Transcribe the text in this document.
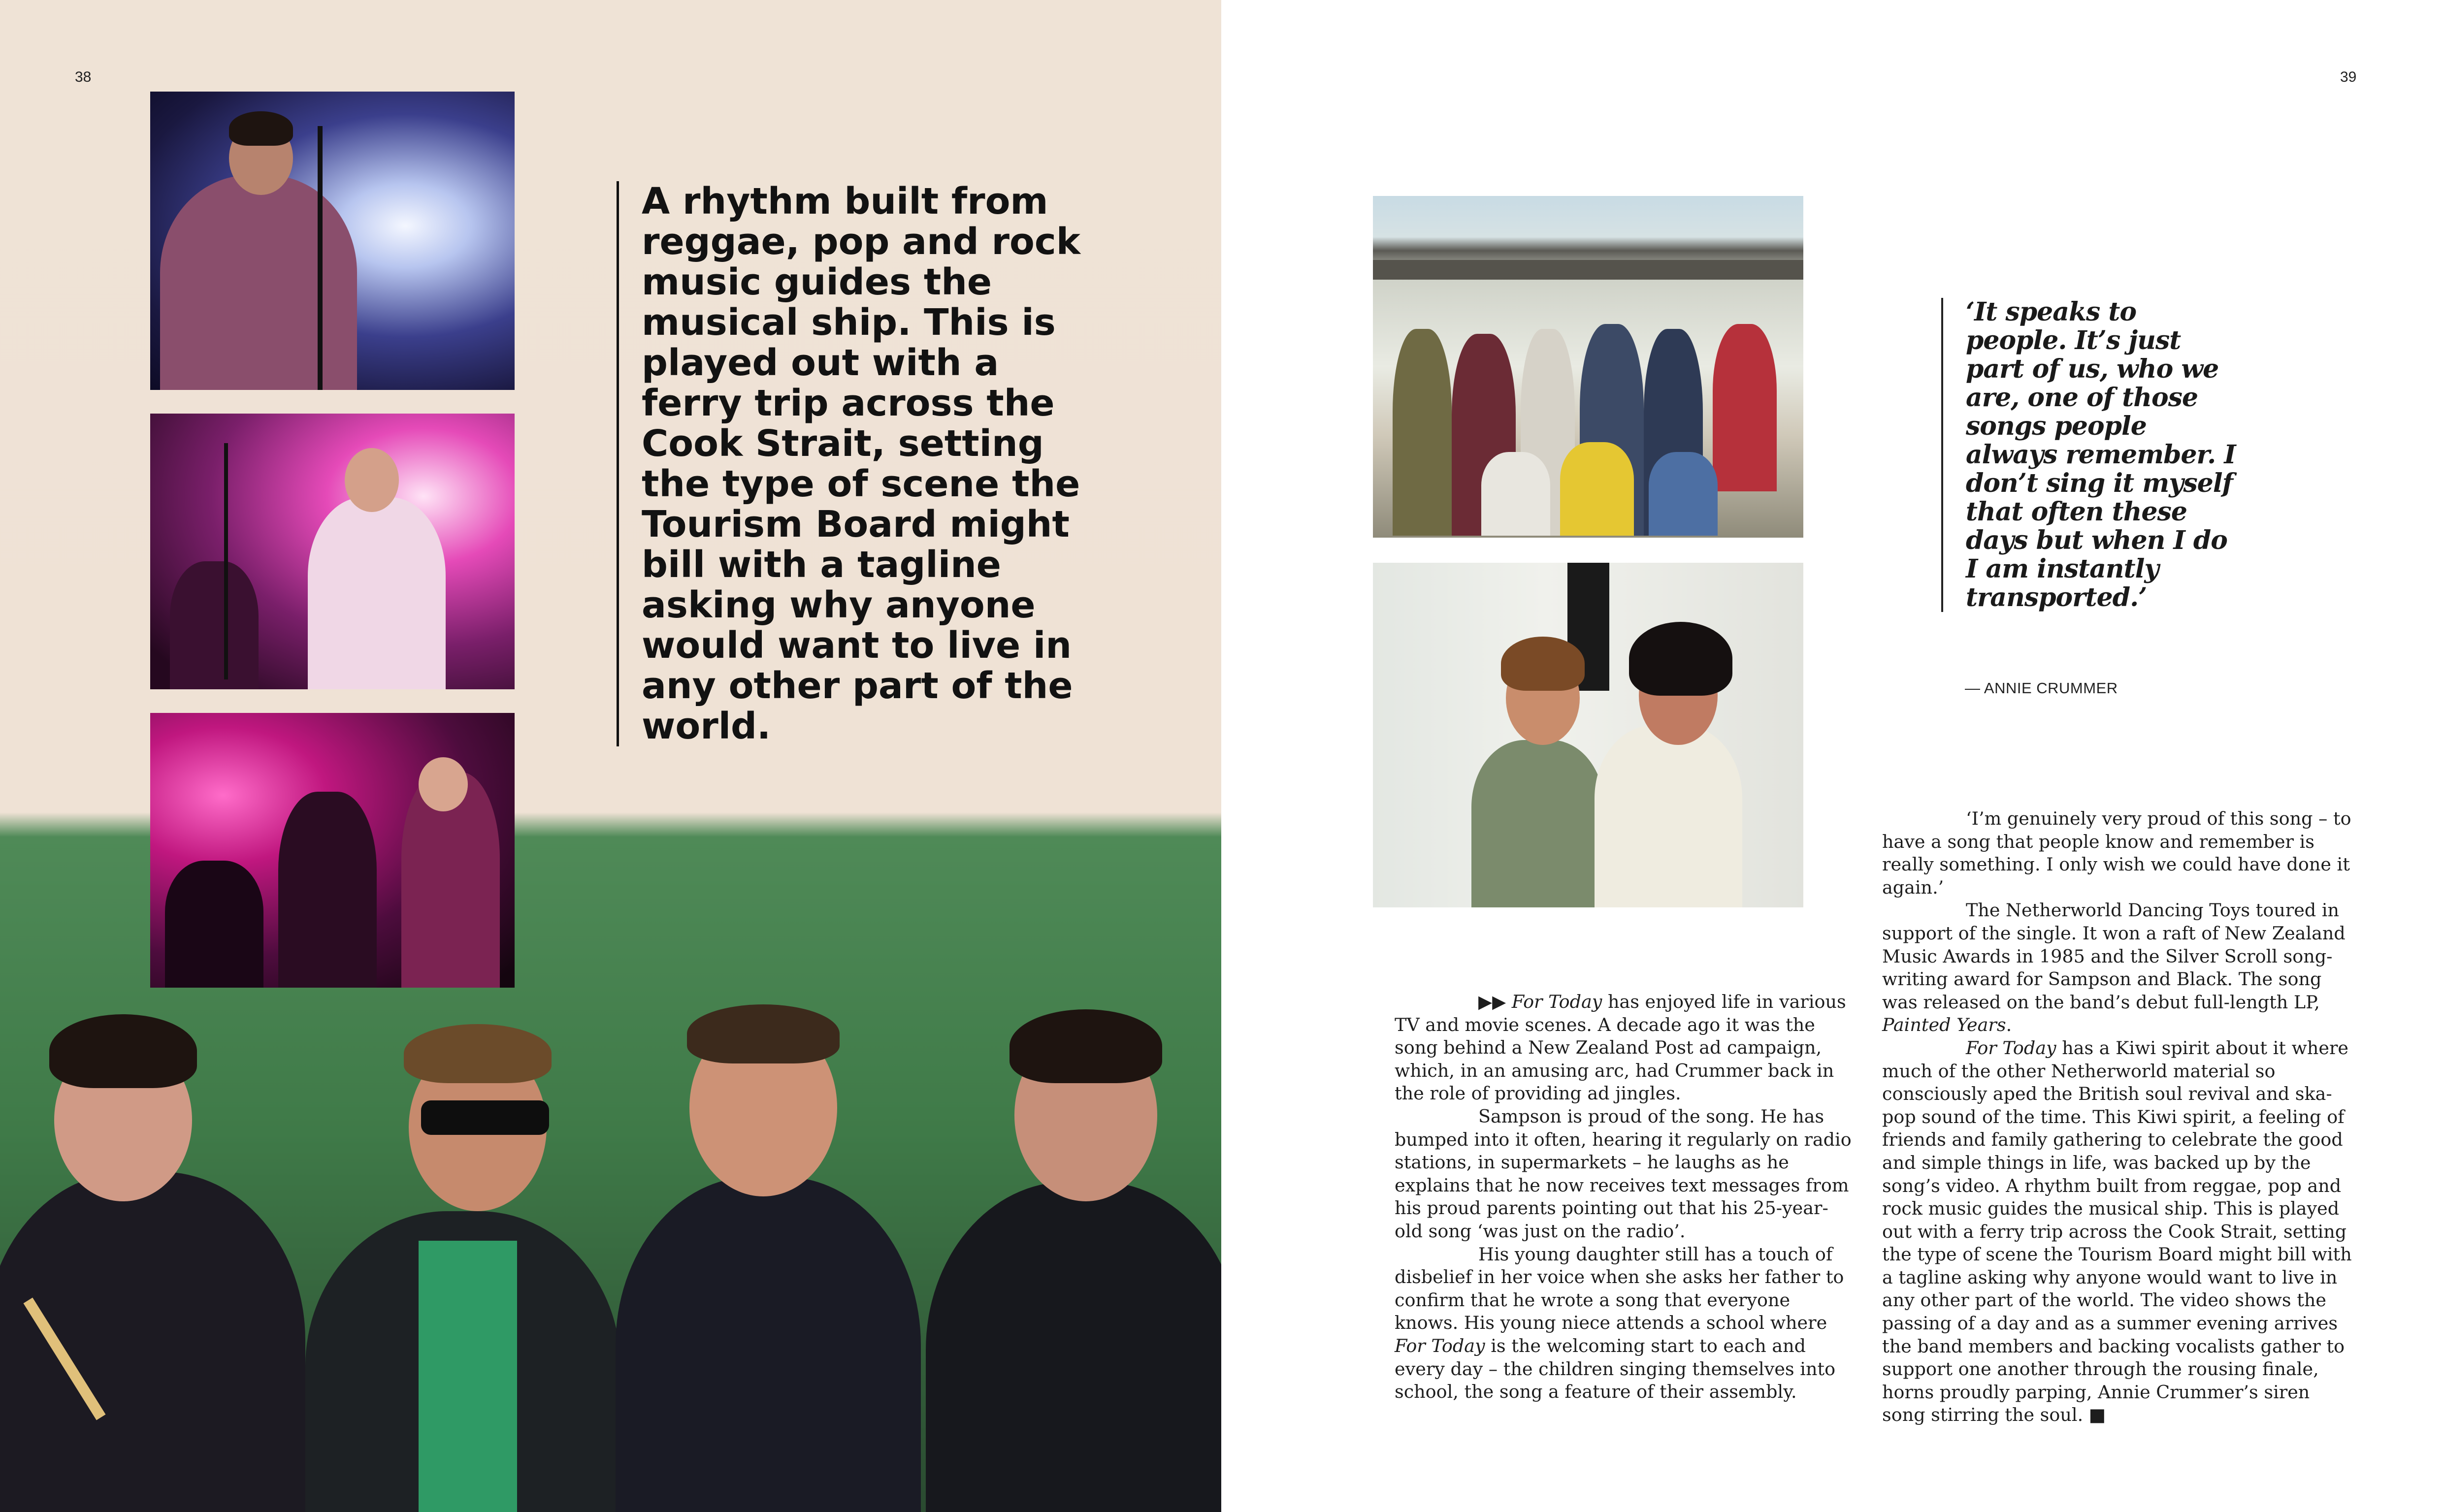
38
A rhythm built from reggae, pop and rock music guides the musical ship. This is played out with a ferry trip across the Cook Strait, setting the type of scene the Tourism Board might bill with a tagline asking why anyone would want to live in any other part of the world.
39
‘It speaks to people. It’s just part of us, who we are, one of those songs people always remember. I don’t sing it myself that often these days but when I do I am instantly transported.’
— ANNIE CRUMMER

▶▶ For Today has enjoyed life in various TV and movie scenes. A decade ago it was the song behind a New Zealand Post ad campaign, which, in an amusing arc, had Crummer back in the role of providing ad jingles.

Sampson is proud of the song. He has bumped into it often, hearing it regularly on radio stations, in supermarkets – he laughs as he explains that he now receives text messages from his proud parents pointing out that his 25-year-old song ‘was just on the radio’.

His young daughter still has a touch of disbelief in her voice when she asks her father to confirm that he wrote a song that everyone knows. His young niece attends a school where For Today is the welcoming start to each and every day – the children singing themselves into school, the song a feature of their assembly.

‘I’m genuinely very proud of this song – to have a song that people know and remember is really something. I only wish we could have done it again.’

The Netherworld Dancing Toys toured in support of the single. It won a raft of New Zealand Music Awards in 1985 and the Silver Scroll song-writing award for Sampson and Black. The song was released on the band’s debut full-length LP, Painted Years.

For Today has a Kiwi spirit about it where much of the other Netherworld material so consciously aped the British soul revival and ska-pop sound of the time. This Kiwi spirit, a feeling of friends and family gathering to celebrate the good and simple things in life, was backed up by the song’s video. A rhythm built from reggae, pop and rock music guides the musical ship. This is played out with a ferry trip across the Cook Strait, setting the type of scene the Tourism Board might bill with a tagline asking why anyone would want to live in any other part of the world. The video shows the passing of a day and as a summer evening arrives the band members and backing vocalists gather to support one another through the rousing finale, horns proudly parping, Annie Crummer’s siren song stirring the soul. ■
